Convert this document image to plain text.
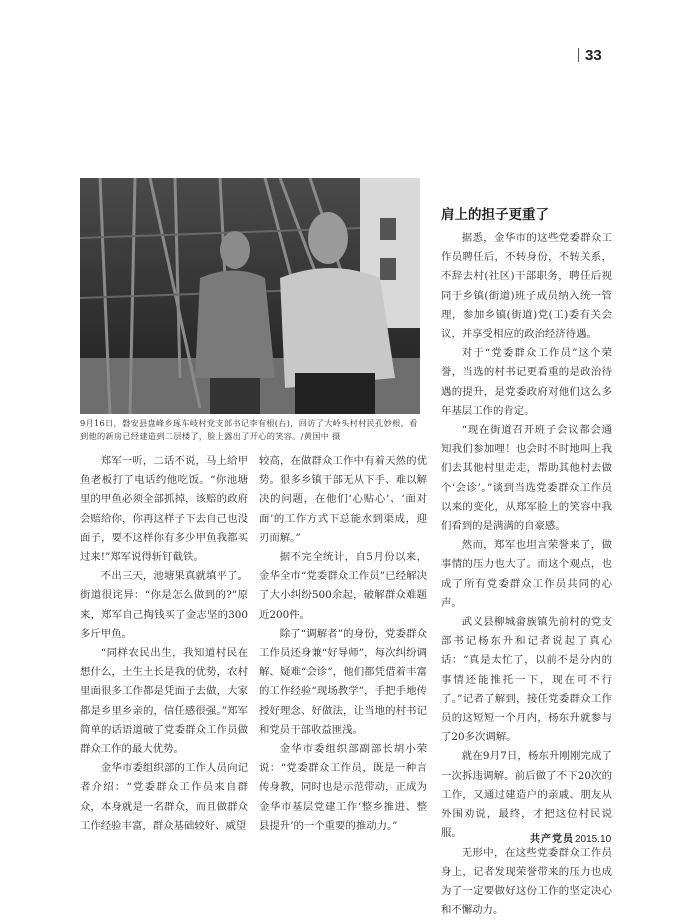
33
9月16日，磐安县盘峰乡琢车岐村党支部书记李有根(右)，回访了大岭头村村民孔妙根，看到他的新房已经建造到二层楼了，脸上露出了开心的笑容。/黄国中 摄

郑军一听，二话不说，马上给甲鱼老板打了电话约他吃饭。“你池塘里的甲鱼必须全部抓掉，该赔的政府会赔给你，你再这样子下去自己也没面子，要不这样你有多少甲鱼我都买过来!”郑军说得斩钉截铁。

不出三天，池塘果真就填平了。街道很诧异：“你是怎么做到的?”原来，郑军自己掏钱买了金志坚的300多斤甲鱼。

“同样农民出生，我知道村民在想什么，土生土长是我的优势，农村里面很多工作都是凭面子去做，大家都是乡里乡亲的，信任感很强。”郑军简单的话语道破了党委群众工作员做群众工作的最大优势。

金华市委组织部的工作人员向记者介绍：“党委群众工作员来自群众，本身就是一名群众，而且做群众工作经验丰富，群众基础较好、威望

较高，在做群众工作中有着天然的优势。很多乡镇干部无从下手、难以解决的问题，在他们‘心贴心’、‘面对面’的工作方式下总能水到渠成，迎刃而解。”

据不完全统计，自5月份以来，金华全市“党委群众工作员”已经解决了大小纠纷500余起，破解群众难题近200件。

除了“调解者”的身份，党委群众工作员还身兼“好导师”，每次纠纷调解、疑难“会诊”，他们都凭借着丰富的工作经验“现场教学”，手把手地传授好理念、好做法，让当地的村书记和党员干部收益匪浅。

金华市委组织部副部长胡小荣说：“党委群众工作员，既是一种言传身教，同时也是示范带动，正成为金华市基层党建工作‘整乡推进、整县提升’的一个重要的推动力。”

肩上的担子更重了

据悉，金华市的这些党委群众工作员聘任后，不转身份，不转关系，不辞去村(社区)干部职务，聘任后视同于乡镇(街道)班子成员纳入统一管理，参加乡镇(街道)党(工)委有关会议，并享受相应的政治经济待遇。

对于“党委群众工作员”这个荣誉，当选的村书记更看重的是政治待遇的提升，是党委政府对他们这么多年基层工作的肯定。

“现在街道召开班子会议都会通知我们参加哩！也会时不时地叫上我们去其他村里走走，帮助其他村去做个‘会诊’。”谈到当选党委群众工作员以来的变化，从郑军脸上的笑容中我们看到的是满满的自豪感。

然而，郑军也坦言荣誉来了，做事情的压力也大了。而这个观点，也成了所有党委群众工作员共同的心声。

武义县柳城畲族镇先前村的党支部书记杨东升和记者说起了真心话：“真是太忙了，以前不是分内的事情还能推托一下，现在可不行了。”记者了解到，接任党委群众工作员的这短短一个月内，杨东升就参与了20多次调解。

就在9月7日，杨东升刚刚完成了一次拆违调解。前后做了不下20次的工作，又通过建造户的亲戚、朋友从外围劝说，最终，才把这位村民说服。

无形中，在这些党委群众工作员身上，记者发现荣誉带来的压力也成为了一定要做好这份工作的坚定决心和不懈动力。

共产党员2015.10
